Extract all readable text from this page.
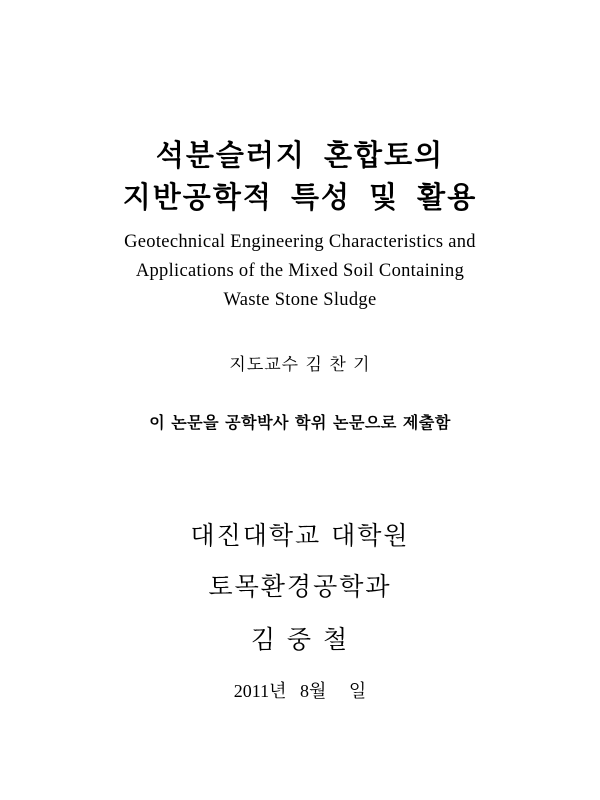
석분슬러지 혼합토의
지반공학적 특성 및 활용
Geotechnical Engineering Characteristics and
Applications of the Mixed Soil Containing
Waste Stone Sludge
지도교수 김 찬 기
이 논문을 공학박사 학위 논문으로 제출함
대진대학교 대학원
토목환경공학과
김 중 철
2011년   8월     일
